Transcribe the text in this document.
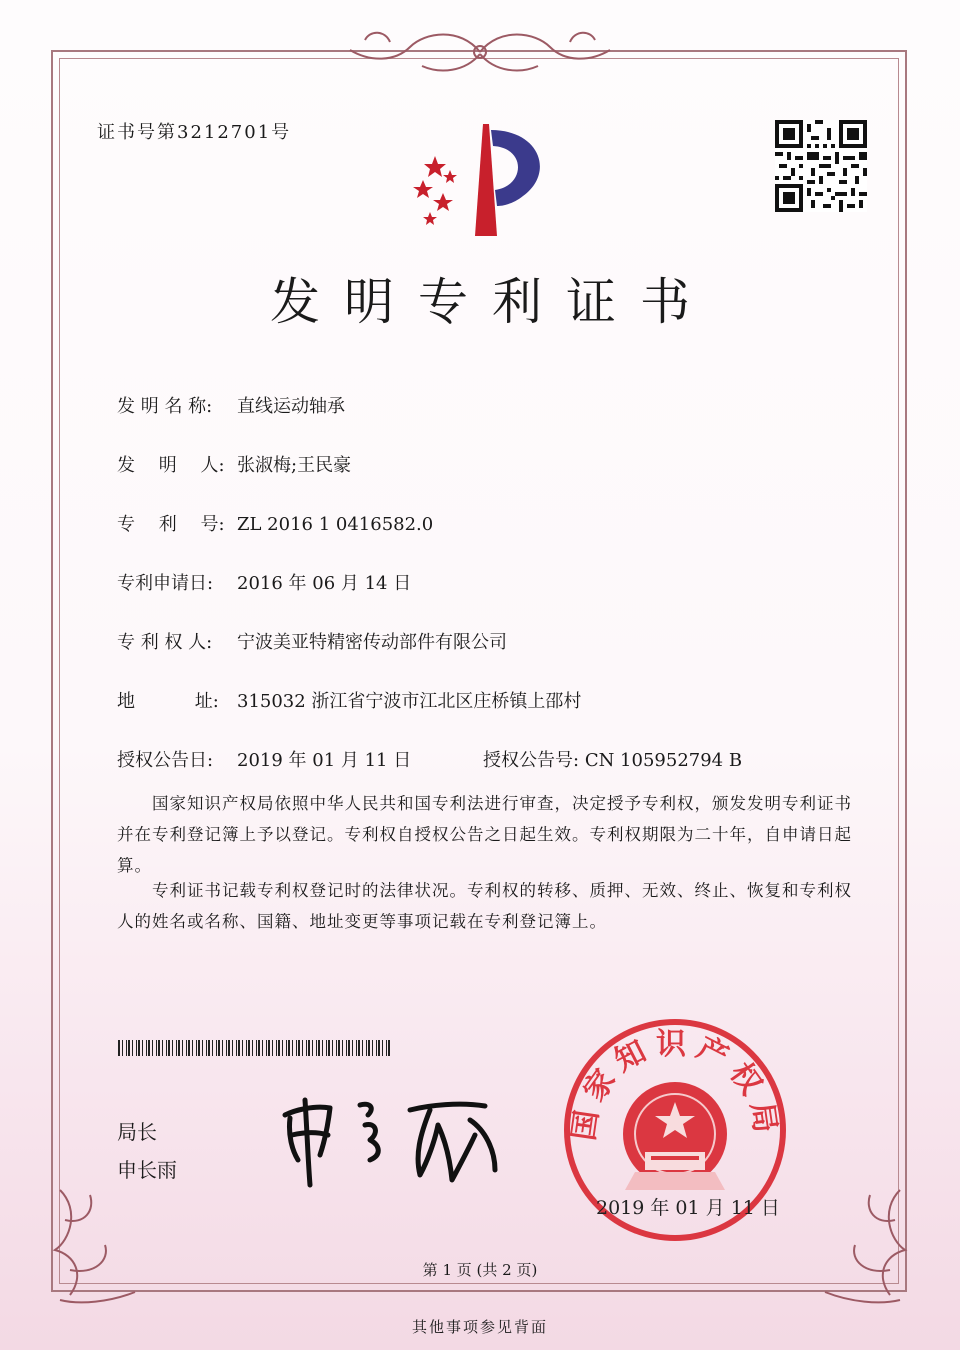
证书号第3212701号
发明专利证书
发 明 名 称: 直线运动轴承
发　 明　 人: 张淑梅;王民豪
专　 利　 号: ZL 2016 1 0416582.0
专利申请日: 2016 年 06 月 14 日
专 利 权 人: 宁波美亚特精密传动部件有限公司
地　　　 址: 315032 浙江省宁波市江北区庄桥镇上邵村
授权公告日: 2019 年 01 月 11 日	授权公告号: CN 105952794 B
　　国家知识产权局依照中华人民共和国专利法进行审查，决定授予专利权，颁发发明专利证书并在专利登记簿上予以登记。专利权自授权公告之日起生效。专利权期限为二十年，自申请日起算。
　　专利证书记载专利权登记时的法律状况。专利权的转移、质押、无效、终止、恢复和专利权人的姓名或名称、国籍、地址变更等事项记载在专利登记簿上。
局长
申长雨
国家知识产权局
2019 年 01 月 11 日
第 1 页 (共 2 页)
其他事项参见背面
